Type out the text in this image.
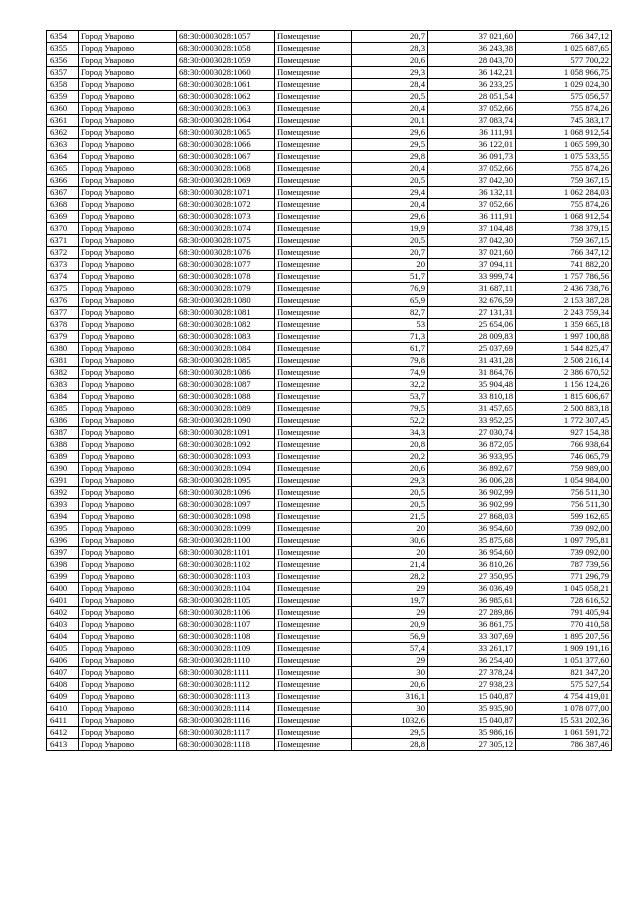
6354	Город Уварово	68:30:0003028:1057	Помещение	20,7	37 021,60	766 347,12
6355	Город Уварово	68:30:0003028:1058	Помещение	28,3	36 243,38	1 025 687,65
6356	Город Уварово	68:30:0003028:1059	Помещение	20,6	28 043,70	577 700,22
6357	Город Уварово	68:30:0003028:1060	Помещение	29,3	36 142,21	1 058 966,75
6358	Город Уварово	68:30:0003028:1061	Помещение	28,4	36 233,25	1 029 024,30
6359	Город Уварово	68:30:0003028:1062	Помещение	20,5	28 051,54	575 056,57
6360	Город Уварово	68:30:0003028:1063	Помещение	20,4	37 052,66	755 874,26
6361	Город Уварово	68:30:0003028:1064	Помещение	20,1	37 083,74	745 383,17
6362	Город Уварово	68:30:0003028:1065	Помещение	29,6	36 111,91	1 068 912,54
6363	Город Уварово	68:30:0003028:1066	Помещение	29,5	36 122,01	1 065 599,30
6364	Город Уварово	68:30:0003028:1067	Помещение	29,8	36 091,73	1 075 533,55
6365	Город Уварово	68:30:0003028:1068	Помещение	20,4	37 052,66	755 874,26
6366	Город Уварово	68:30:0003028:1069	Помещение	20,5	37 042,30	759 367,15
6367	Город Уварово	68:30:0003028:1071	Помещение	29,4	36 132,11	1 062 284,03
6368	Город Уварово	68:30:0003028:1072	Помещение	20,4	37 052,66	755 874,26
6369	Город Уварово	68:30:0003028:1073	Помещение	29,6	36 111,91	1 068 912,54
6370	Город Уварово	68:30:0003028:1074	Помещение	19,9	37 104,48	738 379,15
6371	Город Уварово	68:30:0003028:1075	Помещение	20,5	37 042,30	759 367,15
6372	Город Уварово	68:30:0003028:1076	Помещение	20,7	37 021,60	766 347,12
6373	Город Уварово	68:30:0003028:1077	Помещение	20	37 094,11	741 882,20
6374	Город Уварово	68:30:0003028:1078	Помещение	51,7	33 999,74	1 757 786,56
6375	Город Уварово	68:30:0003028:1079	Помещение	76,9	31 687,11	2 436 738,76
6376	Город Уварово	68:30:0003028:1080	Помещение	65,9	32 676,59	2 153 387,28
6377	Город Уварово	68:30:0003028:1081	Помещение	82,7	27 131,31	2 243 759,34
6378	Город Уварово	68:30:0003028:1082	Помещение	53	25 654,06	1 359 665,18
6379	Город Уварово	68:30:0003028:1083	Помещение	71,3	28 009,83	1 997 100,88
6380	Город Уварово	68:30:0003028:1084	Помещение	61,7	25 037,69	1 544 825,47
6381	Город Уварово	68:30:0003028:1085	Помещение	79,8	31 431,28	2 508 216,14
6382	Город Уварово	68:30:0003028:1086	Помещение	74,9	31 864,76	2 386 670,52
6383	Город Уварово	68:30:0003028:1087	Помещение	32,2	35 904,48	1 156 124,26
6384	Город Уварово	68:30:0003028:1088	Помещение	53,7	33 810,18	1 815 606,67
6385	Город Уварово	68:30:0003028:1089	Помещение	79,5	31 457,65	2 500 883,18
6386	Город Уварово	68:30:0003028:1090	Помещение	52,2	33 952,25	1 772 307,45
6387	Город Уварово	68:30:0003028:1091	Помещение	34,3	27 030,74	927 154,38
6388	Город Уварово	68:30:0003028:1092	Помещение	20,8	36 872,05	766 938,64
6389	Город Уварово	68:30:0003028:1093	Помещение	20,2	36 933,95	746 065,79
6390	Город Уварово	68:30:0003028:1094	Помещение	20,6	36 892,67	759 989,00
6391	Город Уварово	68:30:0003028:1095	Помещение	29,3	36 006,28	1 054 984,00
6392	Город Уварово	68:30:0003028:1096	Помещение	20,5	36 902,99	756 511,30
6393	Город Уварово	68:30:0003028:1097	Помещение	20,5	36 902,99	756 511,30
6394	Город Уварово	68:30:0003028:1098	Помещение	21,5	27 868,03	599 162,65
6395	Город Уварово	68:30:0003028:1099	Помещение	20	36 954,60	739 092,00
6396	Город Уварово	68:30:0003028:1100	Помещение	30,6	35 875,68	1 097 795,81
6397	Город Уварово	68:30:0003028:1101	Помещение	20	36 954,60	739 092,00
6398	Город Уварово	68:30:0003028:1102	Помещение	21,4	36 810,26	787 739,56
6399	Город Уварово	68:30:0003028:1103	Помещение	28,2	27 350,95	771 296,79
6400	Город Уварово	68:30:0003028:1104	Помещение	29	36 036,49	1 045 058,21
6401	Город Уварово	68:30:0003028:1105	Помещение	19,7	36 985,61	728 616,52
6402	Город Уварово	68:30:0003028:1106	Помещение	29	27 289,86	791 405,94
6403	Город Уварово	68:30:0003028:1107	Помещение	20,9	36 861,75	770 410,58
6404	Город Уварово	68:30:0003028:1108	Помещение	56,9	33 307,69	1 895 207,56
6405	Город Уварово	68:30:0003028:1109	Помещение	57,4	33 261,17	1 909 191,16
6406	Город Уварово	68:30:0003028:1110	Помещение	29	36 254,40	1 051 377,60
6407	Город Уварово	68:30:0003028:1111	Помещение	30	27 378,24	821 347,20
6408	Город Уварово	68:30:0003028:1112	Помещение	20,6	27 938,23	575 527,54
6409	Город Уварово	68:30:0003028:1113	Помещение	316,1	15 040,87	4 754 419,01
6410	Город Уварово	68:30:0003028:1114	Помещение	30	35 935,90	1 078 077,00
6411	Город Уварово	68:30:0003028:1116	Помещение	1032,6	15 040,87	15 531 202,36
6412	Город Уварово	68:30:0003028:1117	Помещение	29,5	35 986,16	1 061 591,72
6413	Город Уварово	68:30:0003028:1118	Помещение	28,8	27 305,12	786 387,46
